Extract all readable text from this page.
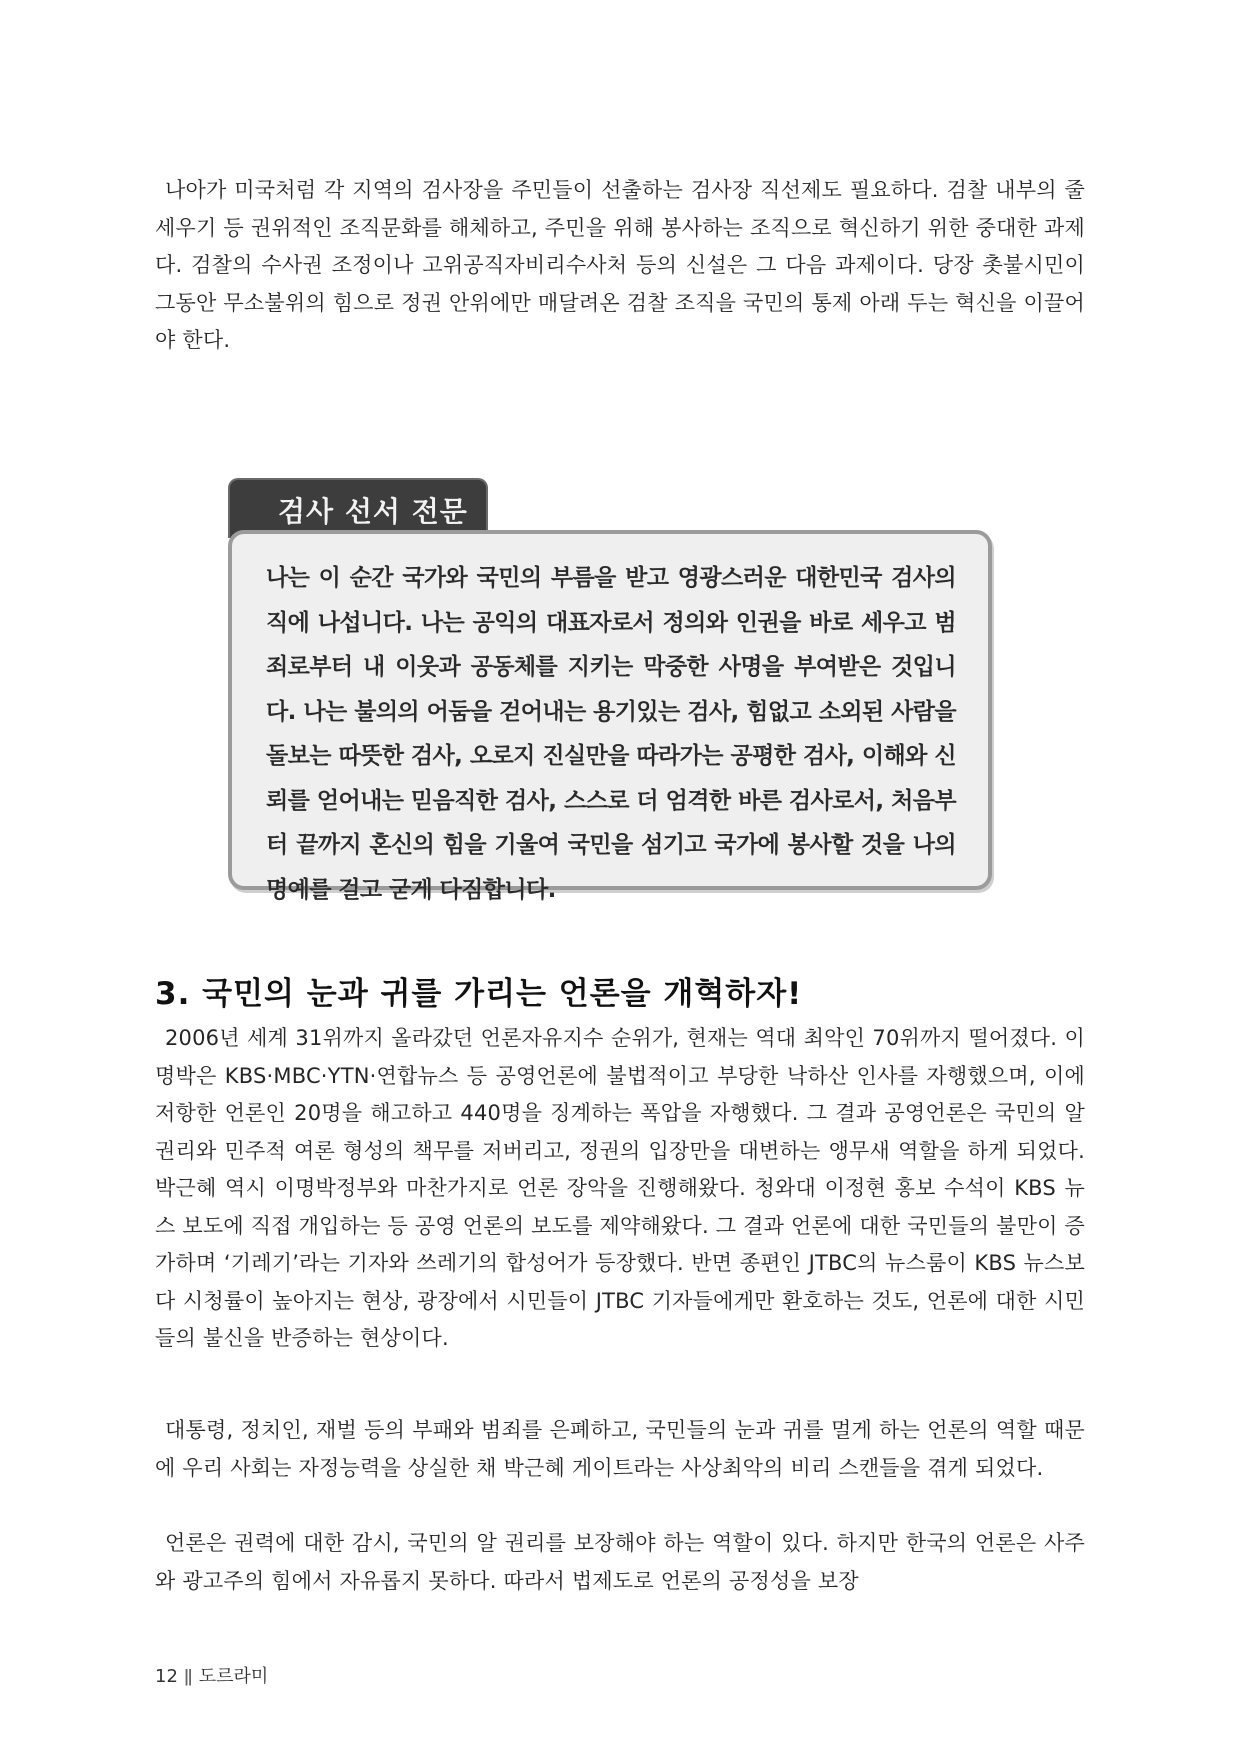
나아가 미국처럼 각 지역의 검사장을 주민들이 선출하는 검사장 직선제도 필요하다. 검찰 내부의 줄 세우기 등 권위적인 조직문화를 해체하고, 주민을 위해 봉사하는 조직으로 혁신하기 위한 중대한 과제다. 검찰의 수사권 조정이나 고위공직자비리수사처 등의 신설은 그 다음 과제이다. 당장 촛불시민이 그동안 무소불위의 힘으로 정권 안위에만 매달려온 검찰 조직을 국민의 통제 아래 두는 혁신을 이끌어야 한다.

검사 선서 전문

나는 이 순간 국가와 국민의 부름을 받고 영광스러운 대한민국 검사의 직에 나섭니다. 나는 공익의 대표자로서 정의와 인권을 바로 세우고 범죄로부터 내 이웃과 공동체를 지키는 막중한 사명을 부여받은 것입니다. 나는 불의의 어둠을 걷어내는 용기있는 검사, 힘없고 소외된 사람을 돌보는 따뜻한 검사, 오로지 진실만을 따라가는 공평한 검사, 이해와 신뢰를 얻어내는 믿음직한 검사, 스스로 더 엄격한 바른 검사로서, 처음부터 끝까지 혼신의 힘을 기울여 국민을 섬기고 국가에 봉사할 것을 나의 명예를 걸고 굳게 다짐합니다.

3. 국민의 눈과 귀를 가리는 언론을 개혁하자!

2006년 세계 31위까지 올라갔던 언론자유지수 순위가, 현재는 역대 최악인 70위까지 떨어졌다. 이명박은 KBS·MBC·YTN·연합뉴스 등 공영언론에 불법적이고 부당한 낙하산 인사를 자행했으며, 이에 저항한 언론인 20명을 해고하고 440명을 징계하는 폭압을 자행했다. 그 결과 공영언론은 국민의 알권리와 민주적 여론 형성의 책무를 저버리고, 정권의 입장만을 대변하는 앵무새 역할을 하게 되었다. 박근혜 역시 이명박정부와 마찬가지로 언론 장악을 진행해왔다. 청와대 이정현 홍보 수석이 KBS 뉴스 보도에 직접 개입하는 등 공영 언론의 보도를 제약해왔다. 그 결과 언론에 대한 국민들의 불만이 증가하며 ‘기레기’라는 기자와 쓰레기의 합성어가 등장했다. 반면 종편인 JTBC의 뉴스룸이 KBS 뉴스보다 시청률이 높아지는 현상, 광장에서 시민들이 JTBC 기자들에게만 환호하는 것도, 언론에 대한 시민들의 불신을 반증하는 현상이다.

대통령, 정치인, 재벌 등의 부패와 범죄를 은폐하고, 국민들의 눈과 귀를 멀게 하는 언론의 역할 때문에 우리 사회는 자정능력을 상실한 채 박근혜 게이트라는 사상최악의 비리 스캔들을 겪게 되었다.

언론은 권력에 대한 감시, 국민의 알 권리를 보장해야 하는 역할이 있다. 하지만 한국의 언론은 사주와 광고주의 힘에서 자유롭지 못하다. 따라서 법제도로 언론의 공정성을 보장

12 ǁ 도르라미
